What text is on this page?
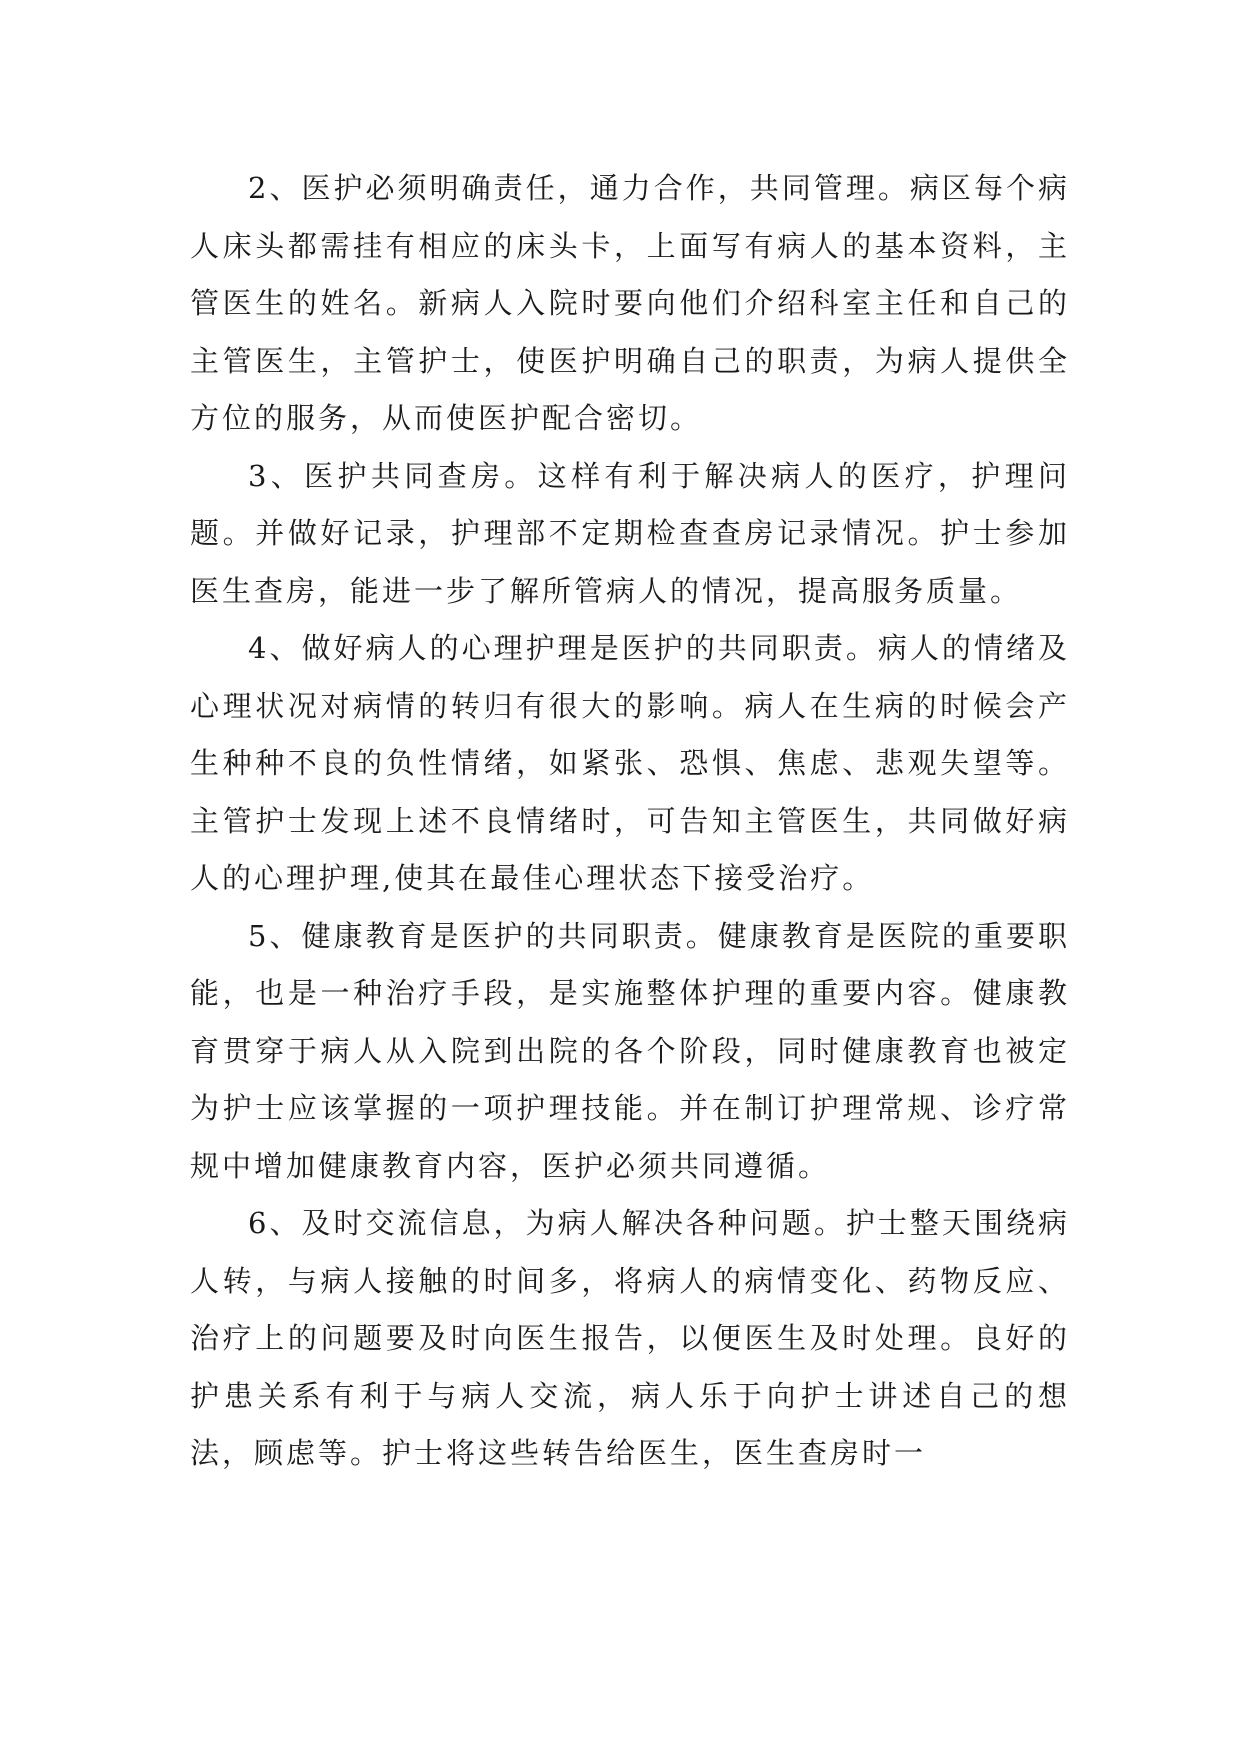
2、医护必须明确责任，通力合作，共同管理。病区每个病人床头都需挂有相应的床头卡，上面写有病人的基本资料，主管医生的姓名。新病人入院时要向他们介绍科室主任和自己的主管医生，主管护士，使医护明确自己的职责，为病人提供全方位的服务，从而使医护配合密切。

3、医护共同查房。这样有利于解决病人的医疗，护理问题。并做好记录，护理部不定期检查查房记录情况。护士参加医生查房，能进一步了解所管病人的情况，提高服务质量。

4、做好病人的心理护理是医护的共同职责。病人的情绪及心理状况对病情的转归有很大的影响。病人在生病的时候会产生种种不良的负性情绪，如紧张、恐惧、焦虑、悲观失望等。主管护士发现上述不良情绪时，可告知主管医生，共同做好病人的心理护理,使其在最佳心理状态下接受治疗。

5、健康教育是医护的共同职责。健康教育是医院的重要职能，也是一种治疗手段，是实施整体护理的重要内容。健康教育贯穿于病人从入院到出院的各个阶段，同时健康教育也被定为护士应该掌握的一项护理技能。并在制订护理常规、诊疗常规中增加健康教育内容，医护必须共同遵循。

6、及时交流信息，为病人解决各种问题。护士整天围绕病人转，与病人接触的时间多，将病人的病情变化、药物反应、治疗上的问题要及时向医生报告，以便医生及时处理。良好的护患关系有利于与病人交流，病人乐于向护士讲述自己的想法，顾虑等。护士将这些转告给医生，医生查房时一
